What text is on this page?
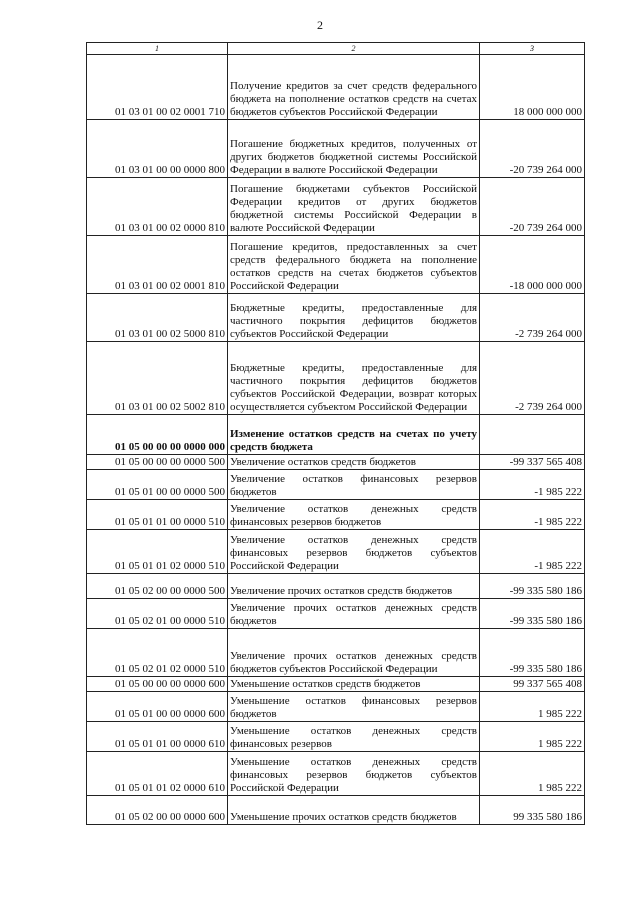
2
1	2	3
01 03 01 00 02 0001 710	Получение кредитов за счет средств федерального бюджета на пополнение остатков средств на счетах бюджетов субъектов Российской Федерации	18 000 000 000
01 03 01 00 00 0000 800	Погашение бюджетных кредитов, полученных от других бюджетов бюджетной системы Российской Федерации в валюте Российской Федерации	-20 739 264 000
01 03 01 00 02 0000 810	Погашение бюджетами субъектов Российской Федерации кредитов от других бюджетов бюджетной системы Российской Федерации в валюте Российской Федерации	-20 739 264 000
01 03 01 00 02 0001 810	Погашение кредитов, предоставленных за счет средств федерального бюджета на пополнение остатков средств на счетах бюджетов субъектов Российской Федерации	-18 000 000 000
01 03 01 00 02 5000 810	Бюджетные кредиты, предоставленные для частичного покрытия дефицитов бюджетов субъектов Российской Федерации	-2 739 264 000
01 03 01 00 02 5002 810	Бюджетные кредиты, предоставленные для частичного покрытия дефицитов бюджетов субъектов Российской Федерации, возврат которых осуществляется субъектом Российской Федерации	-2 739 264 000
01 05 00 00 00 0000 000	Изменение остатков средств на счетах по учету средств бюджета	
01 05 00 00 00 0000 500	Увеличение остатков средств бюджетов	-99 337 565 408
01 05 01 00 00 0000 500	Увеличение остатков финансовых резервов бюджетов	-1 985 222
01 05 01 01 00 0000 510	Увеличение остатков денежных средств финансовых резервов бюджетов	-1 985 222
01 05 01 01 02 0000 510	Увеличение остатков денежных средств финансовых резервов бюджетов субъектов Российской Федерации	-1 985 222
01 05 02 00 00 0000 500	Увеличение прочих остатков средств бюджетов	-99 335 580 186
01 05 02 01 00 0000 510	Увеличение прочих остатков денежных средств бюджетов	-99 335 580 186
01 05 02 01 02 0000 510	Увеличение прочих остатков денежных средств бюджетов субъектов Российской Федерации	-99 335 580 186
01 05 00 00 00 0000 600	Уменьшение остатков средств бюджетов	99 337 565 408
01 05 01 00 00 0000 600	Уменьшение остатков финансовых резервов бюджетов	1 985 222
01 05 01 01 00 0000 610	Уменьшение остатков денежных средств финансовых резервов	1 985 222
01 05 01 01 02 0000 610	Уменьшение остатков денежных средств финансовых резервов бюджетов субъектов Российской Федерации	1 985 222
01 05 02 00 00 0000 600	Уменьшение прочих остатков средств бюджетов	99 335 580 186
